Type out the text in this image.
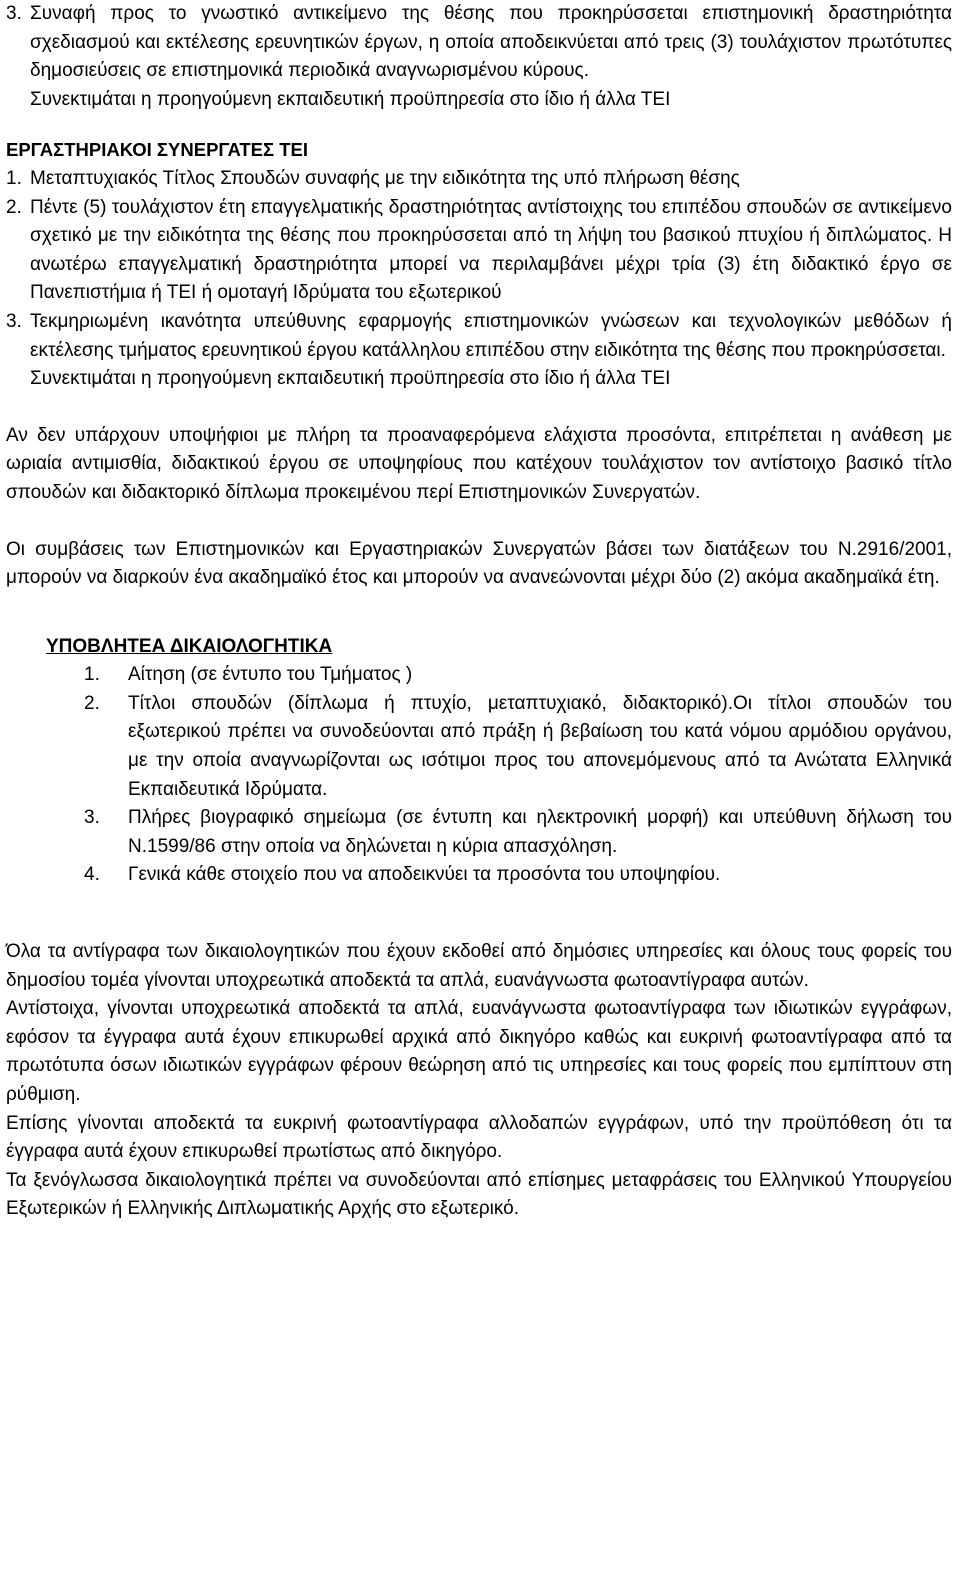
3. Συναφή προς το γνωστικό αντικείμενο της θέσης που προκηρύσσεται επιστημονική δραστηριότητα σχεδιασμού και εκτέλεσης ερευνητικών έργων, η οποία αποδεικνύεται από τρεις (3) τουλάχιστον πρωτότυπες δημοσιεύσεις σε επιστημονικά περιοδικά αναγνωρισμένου κύρους.

Συνεκτιμάται η προηγούμενη εκπαιδευτική προϋπηρεσία στο ίδιο ή άλλα ΤΕΙ

ΕΡΓΑΣΤΗΡΙΑΚΟΙ ΣΥΝΕΡΓΑΤΕΣ ΤΕΙ

1. Μεταπτυχιακός Τίτλος Σπουδών συναφής με την ειδικότητα της υπό πλήρωση θέσης
2. Πέντε (5) τουλάχιστον έτη επαγγελματικής δραστηριότητας αντίστοιχης του επιπέδου σπουδών σε αντικείμενο σχετικό με την ειδικότητα της θέσης που προκηρύσσεται από τη λήψη του βασικού πτυχίου ή διπλώματος. Η ανωτέρω επαγγελματική δραστηριότητα μπορεί να περιλαμβάνει μέχρι τρία (3) έτη διδακτικό έργο σε Πανεπιστήμια ή ΤΕΙ ή ομοταγή Ιδρύματα του εξωτερικού
3. Τεκμηριωμένη ικανότητα υπεύθυνης εφαρμογής επιστημονικών γνώσεων και τεχνολογικών μεθόδων ή εκτέλεσης τμήματος ερευνητικού έργου κατάλληλου επιπέδου στην ειδικότητα της θέσης που προκηρύσσεται.

Συνεκτιμάται η προηγούμενη εκπαιδευτική προϋπηρεσία στο ίδιο ή άλλα ΤΕΙ

Αν δεν υπάρχουν υποψήφιοι με πλήρη τα προαναφερόμενα ελάχιστα προσόντα, επιτρέπεται η ανάθεση με ωριαία αντιμισθία, διδακτικού έργου σε υποψηφίους που κατέχουν τουλάχιστον τον αντίστοιχο βασικό τίτλο σπουδών και διδακτορικό δίπλωμα προκειμένου περί Επιστημονικών Συνεργατών.

Οι συμβάσεις των Επιστημονικών και Εργαστηριακών Συνεργατών βάσει των διατάξεων του Ν.2916/2001, μπορούν να διαρκούν ένα ακαδημαϊκό έτος και μπορούν να ανανεώνονται μέχρι δύο (2) ακόμα ακαδημαϊκά έτη.

ΥΠΟΒΛΗΤΕΑ ΔΙΚΑΙΟΛΟΓΗΤΙΚΑ

1.	Αίτηση (σε έντυπο του Τμήματος )
2.	Τίτλοι σπουδών (δίπλωμα ή πτυχίο, μεταπτυχιακό, διδακτορικό).Οι τίτλοι σπουδών του εξωτερικού πρέπει να συνοδεύονται από πράξη ή βεβαίωση του κατά νόμου αρμόδιου οργάνου, με την οποία αναγνωρίζονται ως ισότιμοι προς του απονεμόμενους από τα Ανώτατα Ελληνικά Εκπαιδευτικά Ιδρύματα.
3.	Πλήρες βιογραφικό σημείωμα (σε έντυπη και ηλεκτρονική μορφή) και υπεύθυνη δήλωση του Ν.1599/86 στην οποία να δηλώνεται η κύρια απασχόληση.
4.	Γενικά κάθε στοιχείο που να αποδεικνύει τα προσόντα του υποψηφίου.

Όλα τα αντίγραφα των δικαιολογητικών που έχουν εκδοθεί από δημόσιες υπηρεσίες και όλους τους φορείς του δημοσίου τομέα γίνονται υποχρεωτικά αποδεκτά τα απλά, ευανάγνωστα φωτοαντίγραφα αυτών.

Αντίστοιχα, γίνονται υποχρεωτικά αποδεκτά τα απλά, ευανάγνωστα φωτοαντίγραφα των ιδιωτικών εγγράφων, εφόσον τα έγγραφα αυτά έχουν επικυρωθεί αρχικά από δικηγόρο καθώς και ευκρινή φωτοαντίγραφα από τα πρωτότυπα όσων ιδιωτικών εγγράφων φέρουν θεώρηση από τις υπηρεσίες και τους φορείς που εμπίπτουν στη ρύθμιση.

Επίσης γίνονται αποδεκτά τα ευκρινή φωτοαντίγραφα αλλοδαπών εγγράφων, υπό την προϋπόθεση ότι τα έγγραφα αυτά έχουν επικυρωθεί πρωτίστως από δικηγόρο.

Τα ξενόγλωσσα δικαιολογητικά πρέπει να συνοδεύονται από επίσημες μεταφράσεις του Ελληνικού Υπουργείου Εξωτερικών ή Ελληνικής Διπλωματικής Αρχής στο εξωτερικό.
